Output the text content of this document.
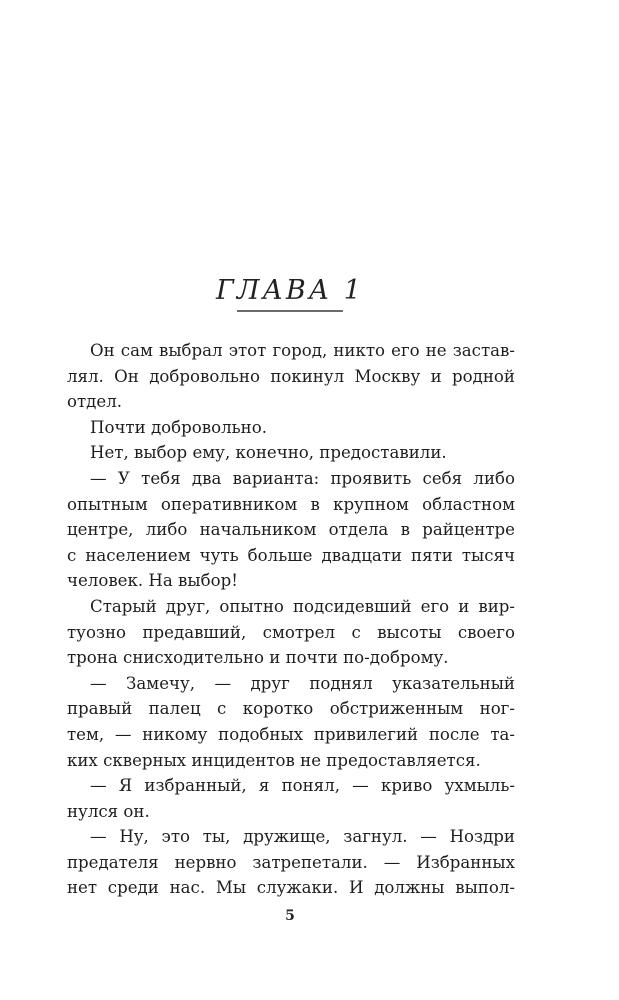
ГЛАВА 1
Он сам выбрал этот город, никто его не застав-
лял. Он добровольно покинул Москву и родной
отдел.
Почти добровольно.
Нет, выбор ему, конечно, предоставили.
— У тебя два варианта: проявить себя либо
опытным оперативником в крупном областном
центре, либо начальником отдела в райцентре
с населением чуть больше двадцати пяти тысяч
человек. На выбор!
Старый друг, опытно подсидевший его и вир-
туозно предавший, смотрел с высоты своего
трона снисходительно и почти по-доброму.
— Замечу, — друг поднял указательный
правый палец с коротко обстриженным ног-
тем, — никому подобных привилегий после та-
ких скверных инцидентов не предоставляется.
— Я избранный, я понял, — криво ухмыль-
нулся он.
— Ну, это ты, дружище, загнул. — Ноздри
предателя нервно затрепетали. — Избранных
нет среди нас. Мы служаки. И должны выпол-
5
